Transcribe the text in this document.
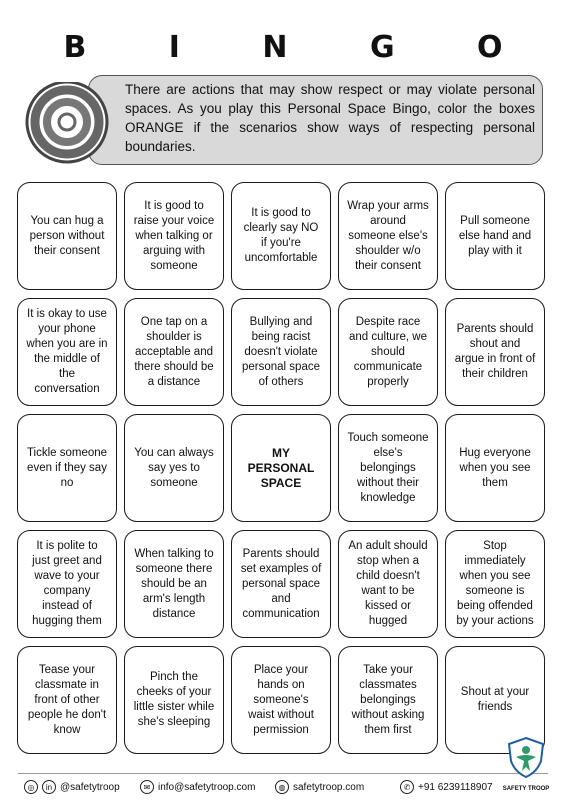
B I N G O

There are actions that may show respect or may violate personal spaces. As you play this Personal Space Bingo, color the boxes ORANGE if the scenarios show ways of respecting personal boundaries.

You can hug a person without their consent
It is good to raise your voice when talking or arguing with someone
It is good to clearly say NO if you're uncomfortable
Wrap your arms around someone else's shoulder w/o their consent
Pull someone else hand and play with it
It is okay to use your phone when you are in the middle of the conversation
One tap on a shoulder is acceptable and there should be a distance
Bullying and being racist doesn't violate personal space of others
Despite race and culture, we should communicate properly
Parents should shout and argue in front of their children
Tickle someone even if they say no
You can always say yes to someone
MY PERSONAL SPACE
Touch someone else's belongings without their knowledge
Hug everyone when you see them
It is polite to just greet and wave to your company instead of hugging them
When talking to someone there should be an arm's length distance
Parents should set examples of personal space and communication
An adult should stop when a child doesn't want to be kissed or hugged
Stop immediately when you see someone is being offended by your actions
Tease your classmate in front of other people he don't know
Pinch the cheeks of your little sister while she's sleeping
Place your hands on someone's waist without permission
Take your classmates belongings without asking them first
Shout at your friends
◎	in @safetytroop	✉ info@safetytroop.com	◍ safetytroop.com	✆ +91 6239118907	SAFETY TROOP
